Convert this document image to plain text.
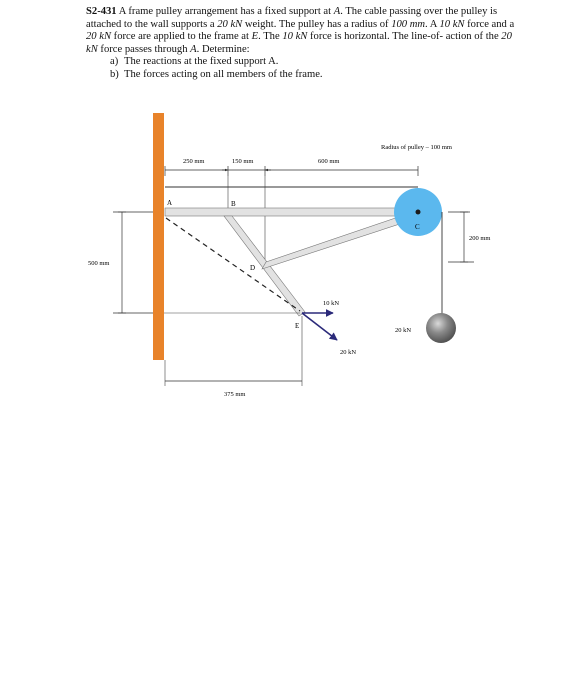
S2-431 A frame pulley arrangement has a fixed support at A. The cable passing over the pulley is attached to the wall supports a 20 kN weight. The pulley has a radius of 100 mm. A 10 kN force and a 20 kN force are applied to the frame at E. The 10 kN force is horizontal. The line-of- action of the 20 kN force passes through A. Determine:

a) The reactions at the fixed support A.
b) The forces acting on all members of the frame.
250 mm	150 mm	600 mm
Radius of pulley – 100 mm
200 mm
500 mm
375 mm
10 kN
20 kN
20 kN
A	B
C
D
E
